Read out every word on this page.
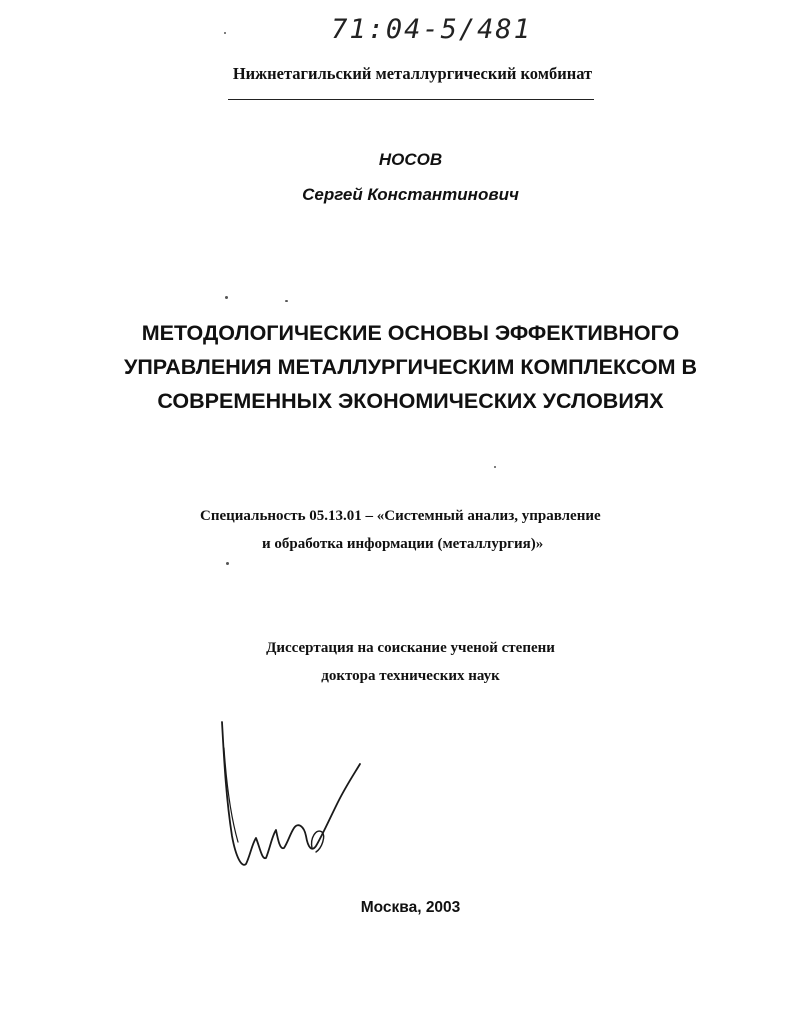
71:04-5/481
Нижнетагильский металлургический комбинат
НОСОВ
Сергей Константинович
МЕТОДОЛОГИЧЕСКИЕ ОСНОВЫ ЭФФЕКТИВНОГО
УПРАВЛЕНИЯ МЕТАЛЛУРГИЧЕСКИМ КОМПЛЕКСОМ В
СОВРЕМЕННЫХ ЭКОНОМИЧЕСКИХ УСЛОВИЯХ
Специальность 05.13.01 – «Системный анализ, управление
и обработка информации (металлургия)»
Диссертация на соискание ученой степени
доктора технических наук
Москва, 2003
